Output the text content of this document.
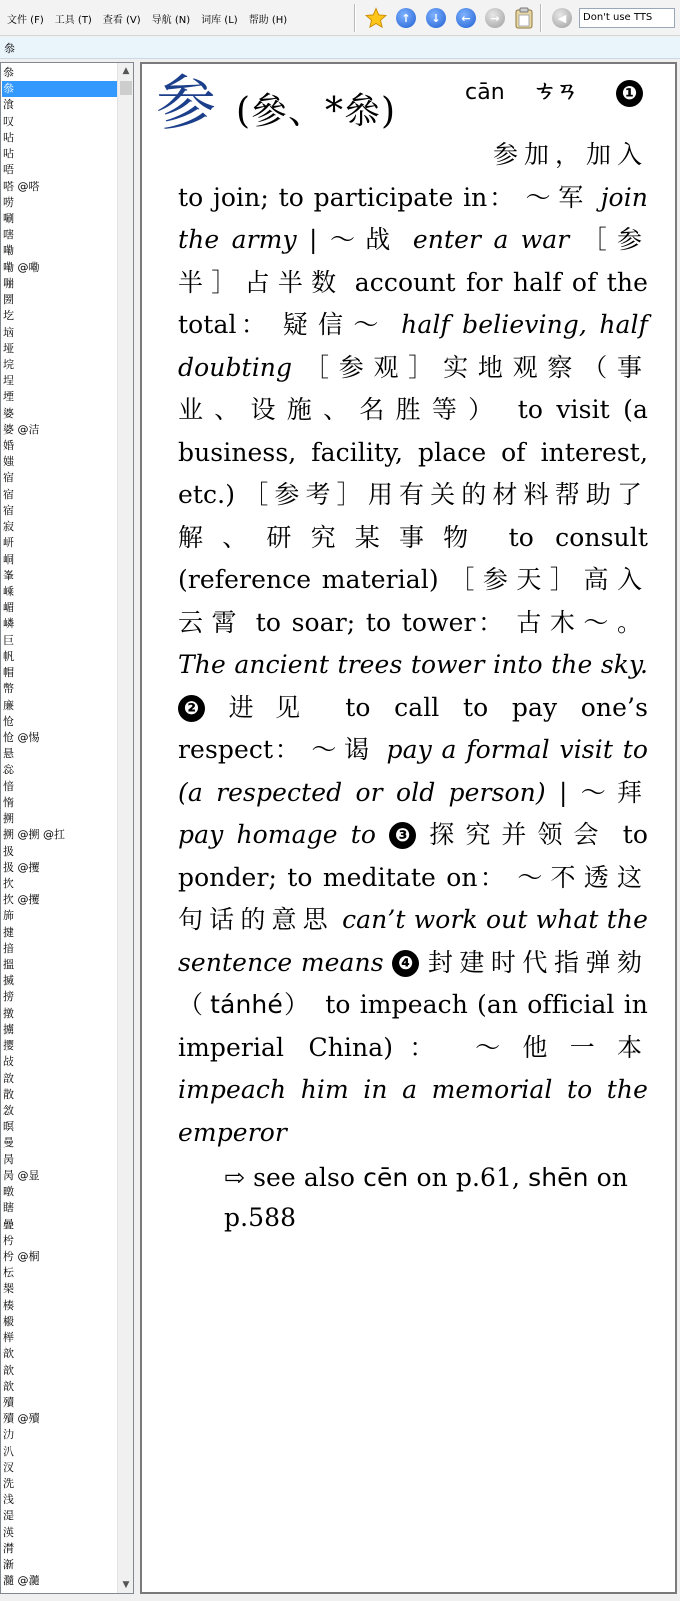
文件 (F)	工具 (T)	查看 (V)	导航 (N)	词库 (L)	帮助 (H)	↑	↓	←	→	◀	Don't use TTS
叅
叅
叅
湌
叹
呫
呫
唔
嗒 @嗒
唠
唰
嗐
嘞
嘞 @嘞
嘣
圐
圪
垴
垭
垸
埕
堙
婆
婆 @洁
婚
媸
宿
宿
宿
寂
岍
峒
峯
嵊
嵋
嶙
巨
帆
帽
幣
廉
怆
怆 @惕
悬
惢
愔
惰
搠
搠 @搠 @扛
扱
扱 @攫
扻
扻 @攫
斾
揵
揞
搵
搣
搒
撴
擄
撄
敁
敨
散
敜
暝
曼
昺
昺 @显
暾
瞎
曡
枍
枍 @桐
枟
椝
楱
榝
榉
歆
歆
歆
殰
殰 @殰
氻
汃
汊
洗
浅
湜
渶
潸
澵
瀡 @瀡
▲
▼
参 (參、*叅)	cān ㄘㄢ	❶
参加，加入
to join; to participate in： ～军 join the army | ～战 enter a war ［参半］占半数 account for half of the total： 疑信～ half believing, half doubting ［参观］实地观察（事业、设施、名胜等） to visit (a business, facility, place of interest, etc.) ［参考］用有关的材料帮助了解、研究某事物 to consult (reference material) ［参天］高入云霄 to soar; to tower： 古木～。 The ancient trees tower into the sky. ❷ 进见 to call to pay one’s respect： ～谒 pay a formal visit to (a respected or old person) | ～拜 pay homage to ❸ 探究并领会 to ponder; to meditate on： ～不透这句话的意思 can’t work out what the sentence means ❹ 封建时代指弹劾（tánhé） to impeach (an official in imperial China)： ～他一本 impeach him in a memorial to the emperor
⇨ see also cēn on p.61, shēn on p.588
